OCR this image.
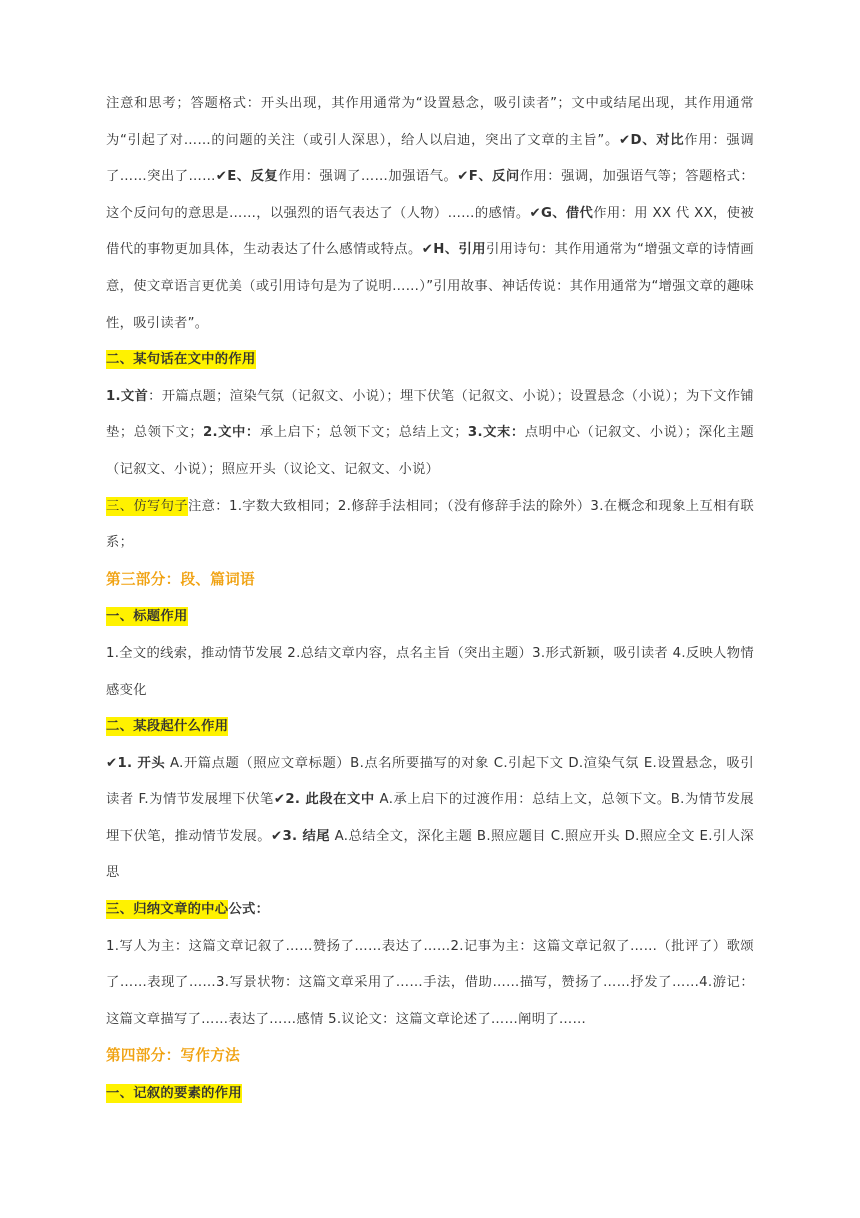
注意和思考；答题格式：开头出现，其作用通常为“设置悬念，吸引读者”；文中或结尾出现，其作用通常为“引起了对……的问题的关注（或引人深思），给人以启迪，突出了文章的主旨”。✔D、对比作用：强调了……突出了……✔E、反复作用：强调了……加强语气。✔F、反问作用：强调，加强语气等；答题格式：这个反问句的意思是……，以强烈的语气表达了（人物）……的感情。✔G、借代作用：用 XX 代 XX，使被借代的事物更加具体，生动表达了什么感情或特点。✔H、引用引用诗句：其作用通常为“增强文章的诗情画意，使文章语言更优美（或引用诗句是为了说明……）”引用故事、神话传说：其作用通常为“增强文章的趣味性，吸引读者”。

二、某句话在文中的作用

1.文首：开篇点题；渲染气氛（记叙文、小说）；埋下伏笔（记叙文、小说）；设置悬念（小说）；为下文作铺垫；总领下文；2.文中：承上启下；总领下文；总结上文；3.文末：点明中心（记叙文、小说）；深化主题（记叙文、小说）；照应开头（议论文、记叙文、小说）

三、仿写句子注意：1.字数大致相同；2.修辞手法相同；（没有修辞手法的除外）3.在概念和现象上互相有联系；

第三部分：段、篇词语

一、标题作用

1.全文的线索，推动情节发展 2.总结文章内容，点名主旨（突出主题）3.形式新颖，吸引读者 4.反映人物情感变化

二、某段起什么作用

✔1. 开头 A.开篇点题（照应文章标题）B.点名所要描写的对象 C.引起下文 D.渲染气氛 E.设置悬念，吸引读者 F.为情节发展埋下伏笔✔2. 此段在文中 A.承上启下的过渡作用：总结上文，总领下文。B.为情节发展埋下伏笔，推动情节发展。✔3. 结尾 A.总结全文，深化主题 B.照应题目 C.照应开头 D.照应全文 E.引人深思

三、归纳文章的中心公式：

1.写人为主：这篇文章记叙了……赞扬了……表达了……2.记事为主：这篇文章记叙了……（批评了）歌颂了……表现了……3.写景状物：这篇文章采用了……手法，借助……描写，赞扬了……抒发了……4.游记：这篇文章描写了……表达了……感情 5.议论文：这篇文章论述了……阐明了……

第四部分：写作方法

一、记叙的要素的作用
